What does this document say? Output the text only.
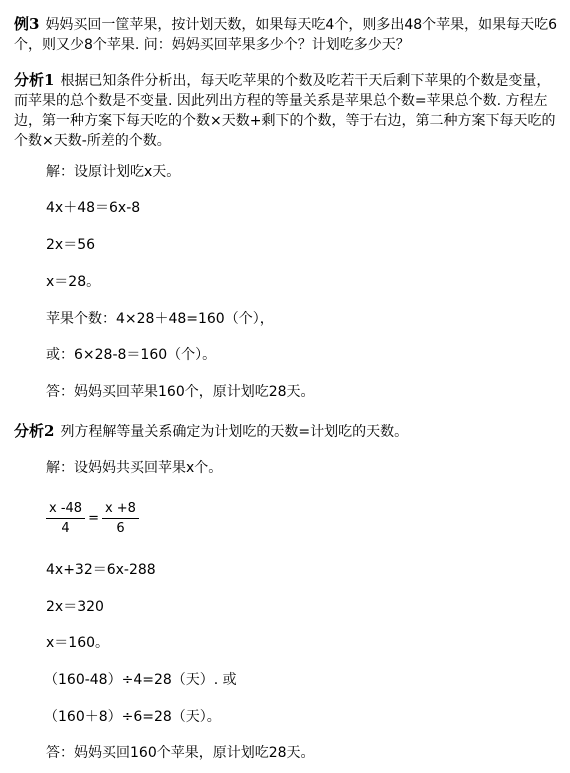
例3 妈妈买回一筐苹果，按计划天数，如果每天吃4个，则多出48个苹果，如果每天吃6个，则又少8个苹果. 问：妈妈买回苹果多少个？计划吃多少天？
分析1 根据已知条件分析出，每天吃苹果的个数及吃若干天后剩下苹果的个数是变量，而苹果的总个数是不变量. 因此列出方程的等量关系是苹果总个数=苹果总个数. 方程左边，第一种方案下每天吃的个数×天数+剩下的个数，等于右边，第二种方案下每天吃的个数×天数-所差的个数。
解：设原计划吃x天。
4x＋48＝6x-8
2x＝56
x＝28。
苹果个数：4×28＋48=160（个），
或：6×28-8＝160（个）。
答：妈妈买回苹果160个，原计划吃28天。
分析2 列方程解等量关系确定为计划吃的天数=计划吃的天数。
解：设妈妈共买回苹果x个。
$\frac{x -48}{4} = \frac{x +8}{6}$
4x+32＝6x-288
2x＝320
x＝160。
（160-48）÷4=28（天）. 或
（160＋8）÷6=28（天）。
答：妈妈买回160个苹果，原计划吃28天。
